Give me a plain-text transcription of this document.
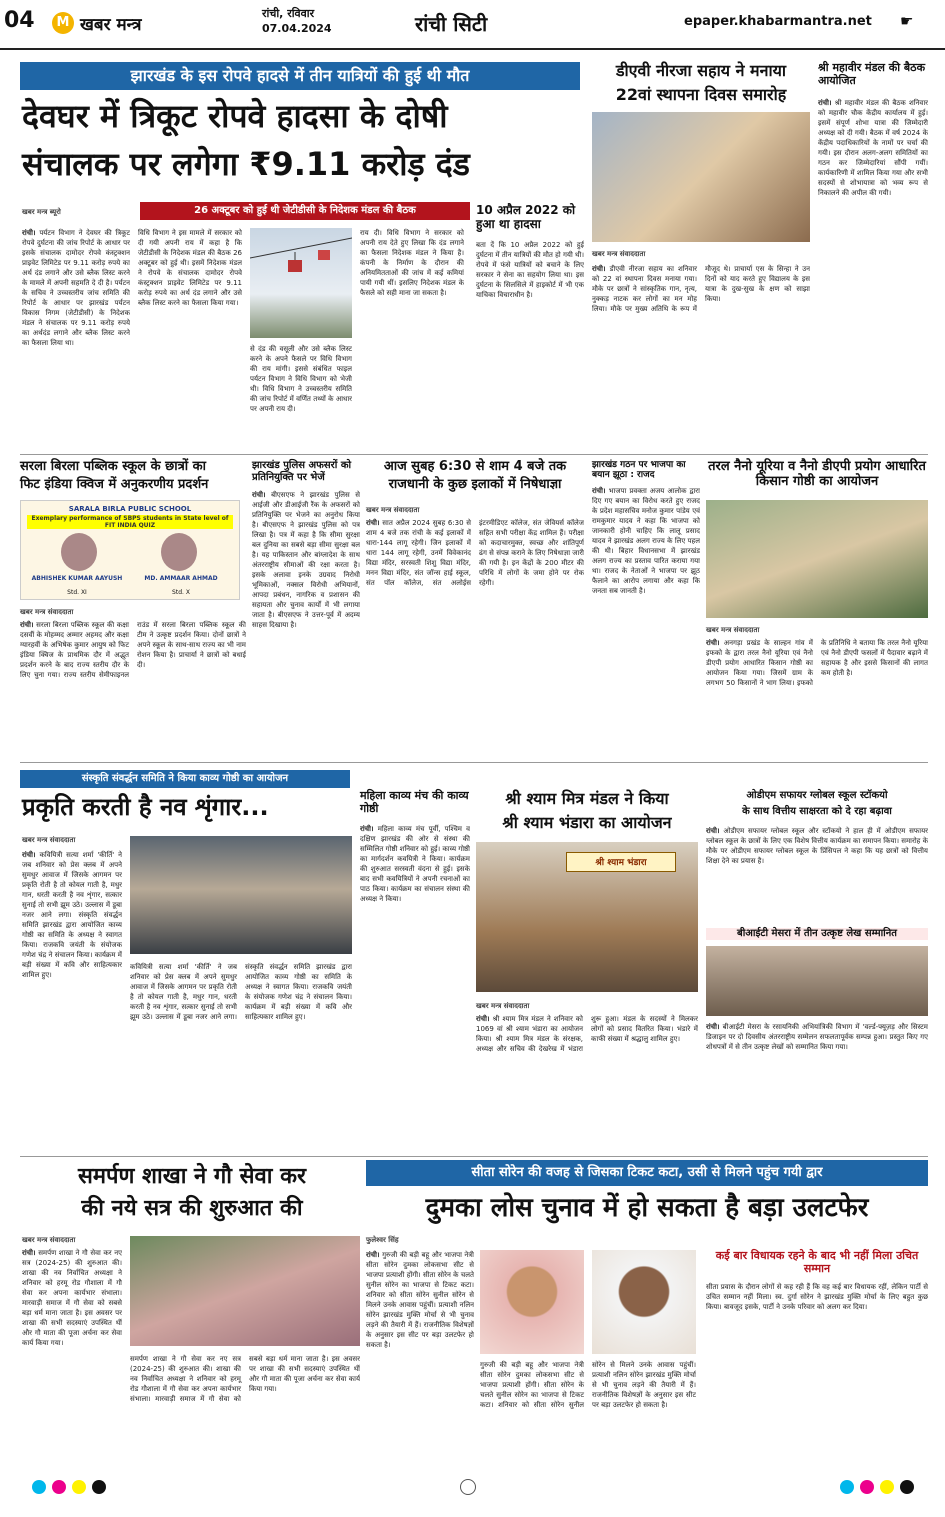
04	M खबर मन्त्र
रांची, रविवार
07.04.2024	रांची सिटी	epaper.khabarmantra.net ☛
झारखंड के इस रोपवे हादसे में तीन यात्रियों की हुई थी मौत
देवघर में त्रिकूट रोपवे हादसा के दोषी
संचालक पर लगेगा ₹9.11 करोड़ दंड
खबर मन्त्र ब्यूरो	26 अक्टूबर को हुई थी जेटीडीसी के निदेशक मंडल की बैठक
रांची। पर्यटन विभाग ने देवघर की त्रिकूट रोपवे दुर्घटना की जांच रिपोर्ट के आधार पर इसके संचालक दामोदर रोपवे कंस्ट्रक्शन प्राइवेट लिमिटेड पर 9.11 करोड़ रुपये का अर्थ दंड लगाने और उसे ब्लैक लिस्ट करने के मामले में अपनी सहमति दे दी है। पर्यटन के सचिव ने उच्चस्तरीय जांच समिति की रिपोर्ट के आधार पर झारखंड पर्यटन विकास निगम (जेटीडीसी) के निदेशक मंडल ने संचालक पर 9.11 करोड़ रुपये का अर्थदंड लगाने और ब्लैक लिस्ट करने का फैसला लिया था।
विधि विभाग ने इस मामले में सरकार को दी गयी अपनी राय में कहा है कि जेटीडीसी के निदेशक मंडल की बैठक 26 अक्टूबर को हुई थी। इसमें निदेशक मंडल ने रोपवे के संचालक दामोदर रोपवे कंस्ट्रक्शन प्राइवेट लिमिटेड पर 9.11 करोड़ रुपये का अर्थ दंड लगाने और उसे ब्लैक लिस्ट करने का फैसला किया गया।
से दंड की वसूली और उसे ब्लैक लिस्ट करने के अपने फैसले पर विधि विभाग की राय मांगी। इससे संबंधित फाइल पर्यटन विभाग ने विधि विभाग को भेजी थी। विधि विभाग ने उच्चस्तरीय समिति की जांच रिपोर्ट में वर्णित तथ्यों के आधार पर अपनी राय दी।
राय दी। विधि विभाग ने सरकार को अपनी राय देते हुए लिखा कि दंड लगाने का फैसला निदेशक मंडल ने किया है। कंपनी के निर्माण के दौरान की अनियमितताओं की जांच में कई कमियां पायी गयी थीं। इसलिए निदेशक मंडल के फैसले को सही माना जा सकता है।
10 अप्रैल 2022 को हुआ था हादसा
बता दें कि 10 अप्रैल 2022 को हुई दुर्घटना में तीन यात्रियों की मौत हो गयी थी। रोपवे में फंसे यात्रियों को बचाने के लिए सरकार ने सेना का सहयोग लिया था। इस दुर्घटना के सिलसिले में हाइकोर्ट में भी एक याचिका विचाराधीन है।
डीएवी नीरजा सहाय ने मनाया
22वां स्थापना दिवस समारोह
खबर मन्त्र संवाददाता
रांची। डीएवी नीरजा सहाय का शनिवार को 22 वां स्थापना दिवस मनाया गया। मौके पर छात्रों ने सांस्कृतिक गान, नृत्य, नुक्कड़ नाटक कर लोगों का मन मोह लिया। मौके पर मुख्य अतिथि के रूप में मौजूद थे। प्राचार्या एस के सिन्हा ने उन दिनों को याद करते हुए विद्यालय के इस यात्रा के दुख-सुख के क्षण को साझा किया।
श्री महावीर मंडल की बैठक आयोजित
रांची। श्री महावीर मंडल की बैठक शनिवार को महावीर चौक केंद्रीय कार्यालय में हुई। इसमें संपूर्ण शोभा यात्रा की जिम्मेदारी अध्यक्ष को दी गयी। बैठक में वर्ष 2024 के केंद्रीय पदाधिकारियों के नामों पर चर्चा की गयी। इस दौरान अलग-अलग समितियों का गठन कर जिम्मेदारियां सौंपी गयीं। कार्यकारिणी में शामिल किया गया और सभी सदस्यों से शोभायात्रा को भव्य रूप से निकालने की अपील की गयी।
सरला बिरला पब्लिक स्कूल के छात्रों का
फिट इंडिया क्विज में अनुकरणीय प्रदर्शन
SARALA BIRLA PUBLIC SCHOOL
Exemplary performance of SBPS students in State level of FIT INDIA QUIZ
ABHISHEK KUMAR AAYUSH
Std. XI
MD. AMMAAR AHMAD
Std. X
खबर मन्त्र संवाददाता
रांची। सरला बिरला पब्लिक स्कूल की कक्षा दसवीं के मोहम्मद अम्मार अहमद और कक्षा ग्यारहवीं के अभिषेक कुमार आयुष को फिट इंडिया क्विज के प्राथमिक दौर में अद्भुत प्रदर्शन करने के बाद राज्य स्तरीय दौर के लिए चुना गया। राज्य स्तरीय सेमीफाइनल राउंड में सरला बिरला पब्लिक स्कूल की टीम ने उत्कृष्ट प्रदर्शन किया। दोनों छात्रों ने अपने स्कूल के साथ-साथ राज्य का भी नाम रोशन किया है। प्राचार्या ने छात्रों को बधाई दी।
झारखंड पुलिस अफसरों को प्रतिनियुक्ति पर भेजें
रांची। बीएसएफ ने झारखंड पुलिस से आईजी और डीआईजी रैंक के अफसरों को प्रतिनियुक्ति पर भेजने का अनुरोध किया है। बीएसएफ ने झारखंड पुलिस को पत्र लिखा है। पत्र में कहा है कि सीमा सुरक्षा बल दुनिया का सबसे बड़ा सीमा सुरक्षा बल है। यह पाकिस्तान और बांग्लादेश के साथ अंतरराष्ट्रीय सीमाओं की रक्षा करता है। इसके अलावा इनके उग्रवाद निरोधी भूमिकाओं, नक्सल विरोधी अभियानों, आपदा प्रबंधन, नागरिक व प्रशासन की सहायता और चुनाव कार्यों में भी लगाया जाता है। बीएसएफ ने उत्तर-पूर्व में अदम्य साहस दिखाया है।
आज सुबह 6:30 से शाम 4 बजे तक
राजधानी के कुछ इलाकों में निषेधाज्ञा
खबर मन्त्र संवाददाता
रांची। सात अप्रैल 2024 सुबह 6:30 से शाम 4 बजे तक रांची के कई इलाकों में धारा-144 लागू रहेगी। जिन इलाकों में धारा 144 लागू रहेगी, उनमें विवेकानंद विद्या मंदिर, सरस्वती शिशु विद्या मंदिर, मनन विद्या मंदिर, संत जॉन्स हाई स्कूल, संत पॉल कॉलेज, संत अलोईस इंटरमीडिएट कॉलेज, संत जेवियर्स कॉलेज सहित सभी परीक्षा केंद्र शामिल हैं। परीक्षा को कदाचारमुक्त, स्वच्छ और शांतिपूर्ण ढंग से संपन्न कराने के लिए निषेधाज्ञा जारी की गयी है। इन केंद्रों के 200 मीटर की परिधि में लोगों के जमा होने पर रोक रहेगी।
झारखंड गठन पर भाजपा का बयान झूठा : राजद
रांची। भाजपा प्रवक्ता अजय आलोक द्वारा दिए गए बयान का विरोध करते हुए राजद के प्रदेश महासचिव मनोज कुमार पांडेय एवं रामकुमार यादव ने कहा कि भाजपा को जानकारी होनी चाहिए कि लालू प्रसाद यादव ने झारखंड अलग राज्य के लिए पहल की थी। बिहार विधानसभा में झारखंड अलग राज्य का प्रस्ताव पारित कराया गया था। राजद के नेताओं ने भाजपा पर झूठ फैलाने का आरोप लगाया और कहा कि जनता सब जानती है।
तरल नैनो यूरिया व नैनो डीएपी प्रयोग आधारित किसान गोष्ठी का आयोजन
खबर मन्त्र संवाददाता
रांची। अनगड़ा प्रखंड के साल्हन गांव में इफको के द्वारा तरल नैनो यूरिया एवं नैनो डीएपी प्रयोग आधारित किसान गोष्ठी का आयोजन किया गया। जिसमें ग्राम के लगभग 50 किसानों ने भाग लिया। इफको के प्रतिनिधि ने बताया कि तरल नैनो यूरिया एवं नैनो डीएपी फसलों में पैदावार बढ़ाने में सहायक है और इससे किसानों की लागत कम होती है।
संस्कृति संवर्द्धन समिति ने किया काव्य गोष्ठी का आयोजन
प्रकृति करती है नव शृंगार...
खबर मन्त्र संवाददाता
रांची। कवियित्री सत्या शर्मा 'कीर्ति' ने जब शनिवार को प्रेस क्लब में अपने सुमधुर आवाज में जिसके आगमन पर प्रकृति रोती है तो कोयल गाती है, मधुर गान, धरती करती है नव शृंगार, सत्कार सुनाई तो सभी झूम उठे। उल्लास में डूबा नजर आने लगा। संस्कृति संवर्द्धन समिति झारखंड द्वारा आयोजित काव्य गोष्ठी का समिति के अध्यक्ष ने स्वागत किया। राजकवि जयंती के संयोजक गणेश चंद्र ने संचालन किया। कार्यक्रम में बड़ी संख्या में कवि और साहित्यकार शामिल हुए।
कवियित्री सत्या शर्मा 'कीर्ति' ने जब शनिवार को प्रेस क्लब में अपने सुमधुर आवाज में जिसके आगमन पर प्रकृति रोती है तो कोयल गाती है, मधुर गान, धरती करती है नव शृंगार, सत्कार सुनाई तो सभी झूम उठे। उल्लास में डूबा नजर आने लगा। संस्कृति संवर्द्धन समिति झारखंड द्वारा आयोजित काव्य गोष्ठी का समिति के अध्यक्ष ने स्वागत किया। राजकवि जयंती के संयोजक गणेश चंद्र ने संचालन किया। कार्यक्रम में बड़ी संख्या में कवि और साहित्यकार शामिल हुए।
महिला काव्य मंच की काव्य गोष्ठी
रांची। महिला काव्य मंच पूर्वी, पश्चिम व दक्षिण झारखंड की ओर से संस्था की सम्मिलित गोष्ठी शनिवार को हुई। काव्य गोष्ठी का मार्गदर्शन कवयित्री ने किया। कार्यक्रम की शुरुआत सरस्वती वंदना से हुई। इसके बाद सभी कवयित्रियों ने अपनी रचनाओं का पाठ किया। कार्यक्रम का संचालन संस्था की अध्यक्ष ने किया।
श्री श्याम मित्र मंडल ने किया
श्री श्याम भंडारा का आयोजन
श्री श्याम भंडारा
खबर मन्त्र संवाददाता
रांची। श्री श्याम मित्र मंडल ने शनिवार को 1069 वां श्री श्याम भंडारा का आयोजन किया। श्री श्याम मित्र मंडल के संरक्षक, अध्यक्ष और सचिव की देखरेख में भंडारा शुरू हुआ। मंडल के सदस्यों ने मिलकर लोगों को प्रसाद वितरित किया। भंडारे में काफी संख्या में श्रद्धालु शामिल हुए।
ओडीएम सफायर ग्लोबल स्कूल स्टॉकयो
के साथ वित्तीय साक्षरता को दे रहा बढ़ावा
रांची। ओडीएम सफायर ग्लोबल स्कूल और स्टॉकयो ने हाल ही में ओडीएम सफायर ग्लोबल स्कूल के छात्रों के लिए एक विशेष वित्तीय कार्यक्रम का समापन किया। समारोह के मौके पर ओडीएम सफायर ग्लोबल स्कूल के प्रिंसिपल ने कहा कि यह छात्रों को वित्तीय शिक्षा देने का प्रयास है।
बीआईटी मेसरा में तीन उत्कृष्ट लेख सम्मानित
रांची। बीआईटी मेसरा के रसायनिकी अभियांत्रिकी विभाग में 'वर्ल्ड-फ्यूज़ड़ और सिस्टम डिजाइन पर दो दिवसीय अंतरराष्ट्रीय सम्मेलन सफलतापूर्वक सम्पन्न हुआ। प्रस्तुत किए गए शोधपत्रों में से तीन उत्कृष्ट लेखों को सम्मानित किया गया।
समर्पण शाखा ने गौ सेवा कर
की नये सत्र की शुरुआत की
खबर मन्त्र संवाददाता
रांची। समर्पण शाखा ने गौ सेवा कर नए सत्र (2024-25) की शुरुआत की। शाखा की नव निर्वाचित अध्यक्षा ने शनिवार को हरमू रोड गौशाला में गौ सेवा कर अपना कार्यभार संभाला। मारवाड़ी समाज में गौ सेवा को सबसे बड़ा धर्म माना जाता है। इस अवसर पर शाखा की सभी सदस्याएं उपस्थित थीं और गौ माता की पूजा अर्चना कर सेवा कार्य किया गया।
समर्पण शाखा ने गौ सेवा कर नए सत्र (2024-25) की शुरुआत की। शाखा की नव निर्वाचित अध्यक्षा ने शनिवार को हरमू रोड गौशाला में गौ सेवा कर अपना कार्यभार संभाला। मारवाड़ी समाज में गौ सेवा को सबसे बड़ा धर्म माना जाता है। इस अवसर पर शाखा की सभी सदस्याएं उपस्थित थीं और गौ माता की पूजा अर्चना कर सेवा कार्य किया गया।
सीता सोरेन की वजह से जिसका टिकट कटा, उसी से मिलने पहुंच गयी द्वार
दुमका लोस चुनाव में हो सकता है बड़ा उलटफेर
फुलेश्वर सिंह
रांची। गुरुजी की बड़ी बहू और भाजपा नेत्री सीता सोरेन दुमका लोकसभा सीट से भाजपा प्रत्याशी होंगी। सीता सोरेन के चलते सुनील सोरेन का भाजपा से टिकट कटा। शनिवार को सीता सोरेन सुनील सोरेन से मिलने उनके आवास पहुंचीं। प्रत्याशी नलिन सोरेन झारखंड मुक्ति मोर्चा से भी चुनाव लड़ने की तैयारी में हैं। राजनीतिक विशेषज्ञों के अनुसार इस सीट पर बड़ा उलटफेर हो सकता है।
गुरुजी की बड़ी बहू और भाजपा नेत्री सीता सोरेन दुमका लोकसभा सीट से भाजपा प्रत्याशी होंगी। सीता सोरेन के चलते सुनील सोरेन का भाजपा से टिकट कटा। शनिवार को सीता सोरेन सुनील सोरेन से मिलने उनके आवास पहुंचीं। प्रत्याशी नलिन सोरेन झारखंड मुक्ति मोर्चा से भी चुनाव लड़ने की तैयारी में हैं। राजनीतिक विशेषज्ञों के अनुसार इस सीट पर बड़ा उलटफेर हो सकता है।
कई बार विधायक रहने के बाद भी नहीं मिला उचित सम्मान
सीता प्रवास के दौरान लोगों से कह रही हैं कि वह कई बार विधायक रहीं, लेकिन पार्टी से उचित सम्मान नहीं मिला। स्व. दुर्गा सोरेन ने झारखंड मुक्ति मोर्चा के लिए बहुत कुछ किया। बावजूद इसके, पार्टी ने उनके परिवार को अलग कर दिया।
